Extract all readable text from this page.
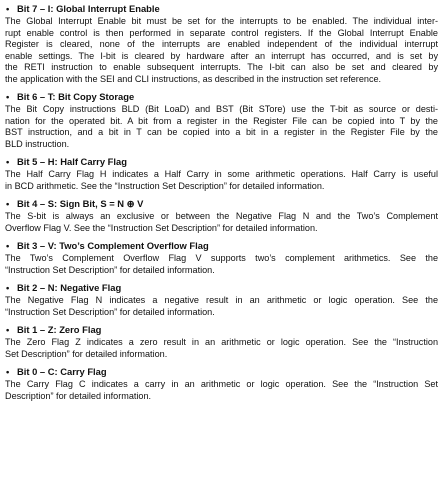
• Bit 7 – I: Global Interrupt Enable
The Global Interrupt Enable bit must be set for the interrupts to be enabled. The individual inter-
rupt enable control is then performed in separate control registers. If the Global Interrupt Enable
Register is cleared, none of the interrupts are enabled independent of the individual interrupt
enable settings. The I-bit is cleared by hardware after an interrupt has occurred, and is set by
the RETI instruction to enable subsequent interrupts. The I-bit can also be set and cleared by
the application with the SEI and CLI instructions, as described in the instruction set reference.
• Bit 6 – T: Bit Copy Storage
The Bit Copy instructions BLD (Bit LoaD) and BST (Bit STore) use the T-bit as source or desti-
nation for the operated bit. A bit from a register in the Register File can be copied into T by the
BST instruction, and a bit in T can be copied into a bit in a register in the Register File by the
BLD instruction.
• Bit 5 – H: Half Carry Flag
The Half Carry Flag H indicates a Half Carry in some arithmetic operations. Half Carry is useful
in BCD arithmetic. See the “Instruction Set Description” for detailed information.
• Bit 4 – S: Sign Bit, S = N ⊕ V
The S-bit is always an exclusive or between the Negative Flag N and the Two’s Complement
Overflow Flag V. See the “Instruction Set Description” for detailed information.
• Bit 3 – V: Two’s Complement Overflow Flag
The Two’s Complement Overflow Flag V supports two’s complement arithmetics. See the
“Instruction Set Description” for detailed information.
• Bit 2 – N: Negative Flag
The Negative Flag N indicates a negative result in an arithmetic or logic operation. See the
“Instruction Set Description” for detailed information.
• Bit 1 – Z: Zero Flag
The Zero Flag Z indicates a zero result in an arithmetic or logic operation. See the “Instruction
Set Description” for detailed information.
• Bit 0 – C: Carry Flag
The Carry Flag C indicates a carry in an arithmetic or logic operation. See the “Instruction Set
Description” for detailed information.
